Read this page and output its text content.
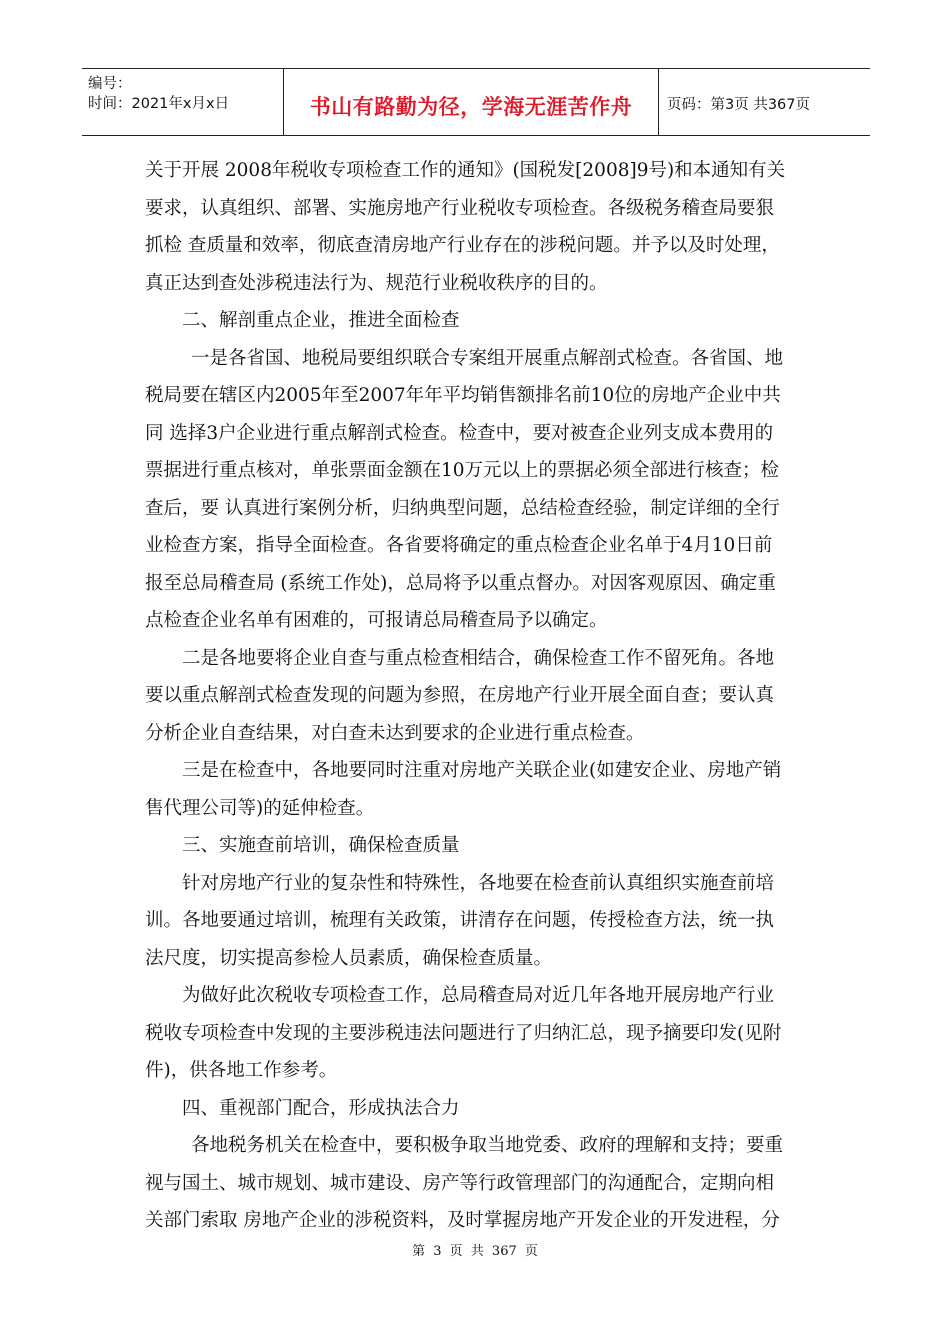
编号：
时间：2021年x月x日	书山有路勤为径，学海无涯苦作舟	页码：第3页 共367页
关于开展 2008年税收专项检查工作的通知》(国税发[2008]9号)和本通知有关
要求，认真组织、部署、实施房地产行业税收专项检查。各级税务稽查局要狠
抓检 查质量和效率，彻底查清房地产行业存在的涉税问题。并予以及时处理，
真正达到查处涉税违法行为、规范行业税收秩序的目的。
二、解剖重点企业，推进全面检查
一是各省国、地税局要组织联合专案组开展重点解剖式检查。各省国、地
税局要在辖区内2005年至2007年年平均销售额排名前10位的房地产企业中共
同 选择3户企业进行重点解剖式检查。检查中，要对被查企业列支成本费用的
票据进行重点核对，单张票面金额在10万元以上的票据必须全部进行核查；检
查后，要 认真进行案例分析，归纳典型问题，总结检查经验，制定详细的全行
业检查方案，指导全面检查。各省要将确定的重点检查企业名单于4月10日前
报至总局稽查局 (系统工作处)，总局将予以重点督办。对因客观原因、确定重
点检查企业名单有困难的，可报请总局稽查局予以确定。
二是各地要将企业自查与重点检查相结合，确保检查工作不留死角。各地
要以重点解剖式检查发现的问题为参照，在房地产行业开展全面自查；要认真
分析企业自查结果，对白查未达到要求的企业进行重点检查。
三是在检查中，各地要同时注重对房地产关联企业(如建安企业、房地产销
售代理公司等)的延伸检查。
三、实施查前培训，确保检查质量
针对房地产行业的复杂性和特殊性，各地要在检查前认真组织实施查前培
训。各地要通过培训，梳理有关政策，讲清存在问题，传授检查方法，统一执
法尺度，切实提高参检人员素质，确保检查质量。
为做好此次税收专项检查工作，总局稽查局对近几年各地开展房地产行业
税收专项检查中发现的主要涉税违法问题进行了归纳汇总，现予摘要印发(见附
件)，供各地工作参考。
四、重视部门配合，形成执法合力
各地税务机关在检查中，要积极争取当地党委、政府的理解和支持；要重
视与国土、城市规划、城市建设、房产等行政管理部门的沟通配合，定期向相
关部门索取 房地产企业的涉税资料，及时掌握房地产开发企业的开发进程，分
第 3 页 共 367 页
